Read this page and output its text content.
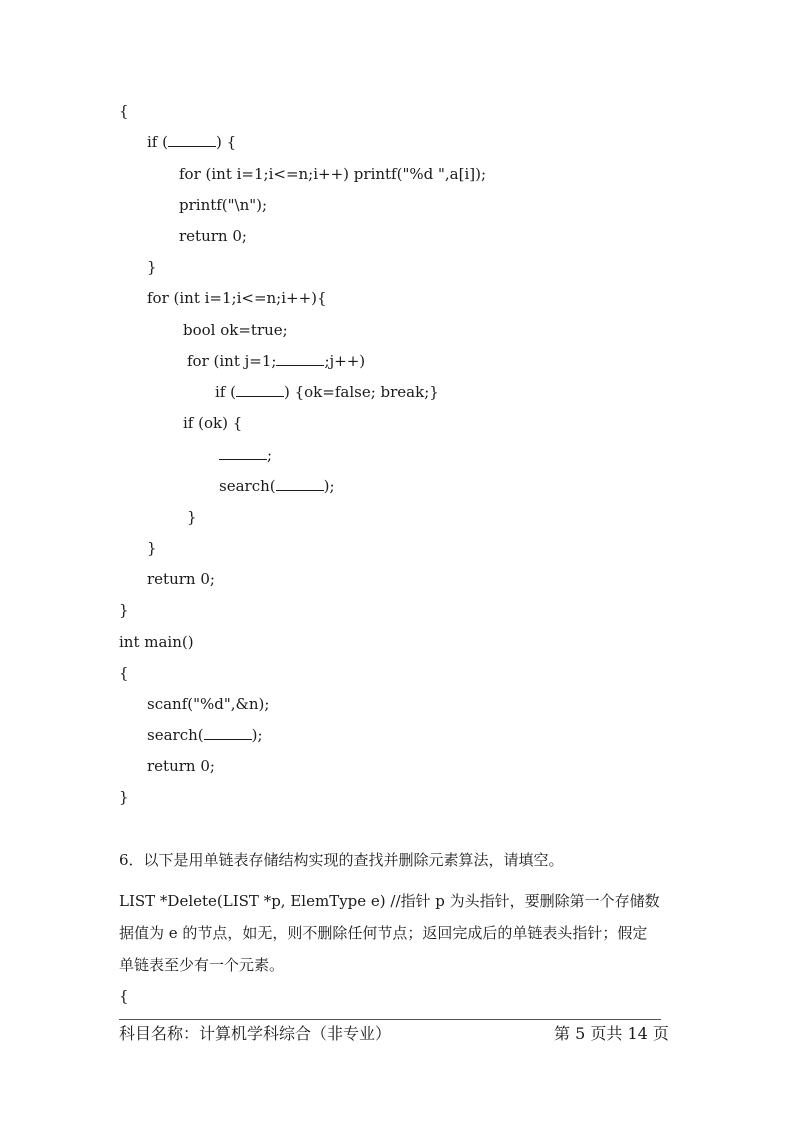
{
if (	) {
for (int i=1;i<=n;i++) printf("%d ",a[i]);
printf("\n");
return 0;
}
for (int i=1;i<=n;i++){
bool ok=true;
for (int j=1;	;j++)
if (	) {ok=false; break;}
if (ok) {
;
search(	);
}
}
return 0;
}
int main()
{
scanf("%d",&n);
search(	);
return 0;
}
6．以下是用单链表存储结构实现的查找并删除元素算法，请填空。
LIST *Delete(LIST *p, ElemType e) //指针 p 为头指针，要删除第一个存储数
据值为 e 的节点，如无，则不删除任何节点；返回完成后的单链表头指针；假定
单链表至少有一个元素。
{
科目名称：计算机学科综合（非专业）	第 5 页共 14 页
